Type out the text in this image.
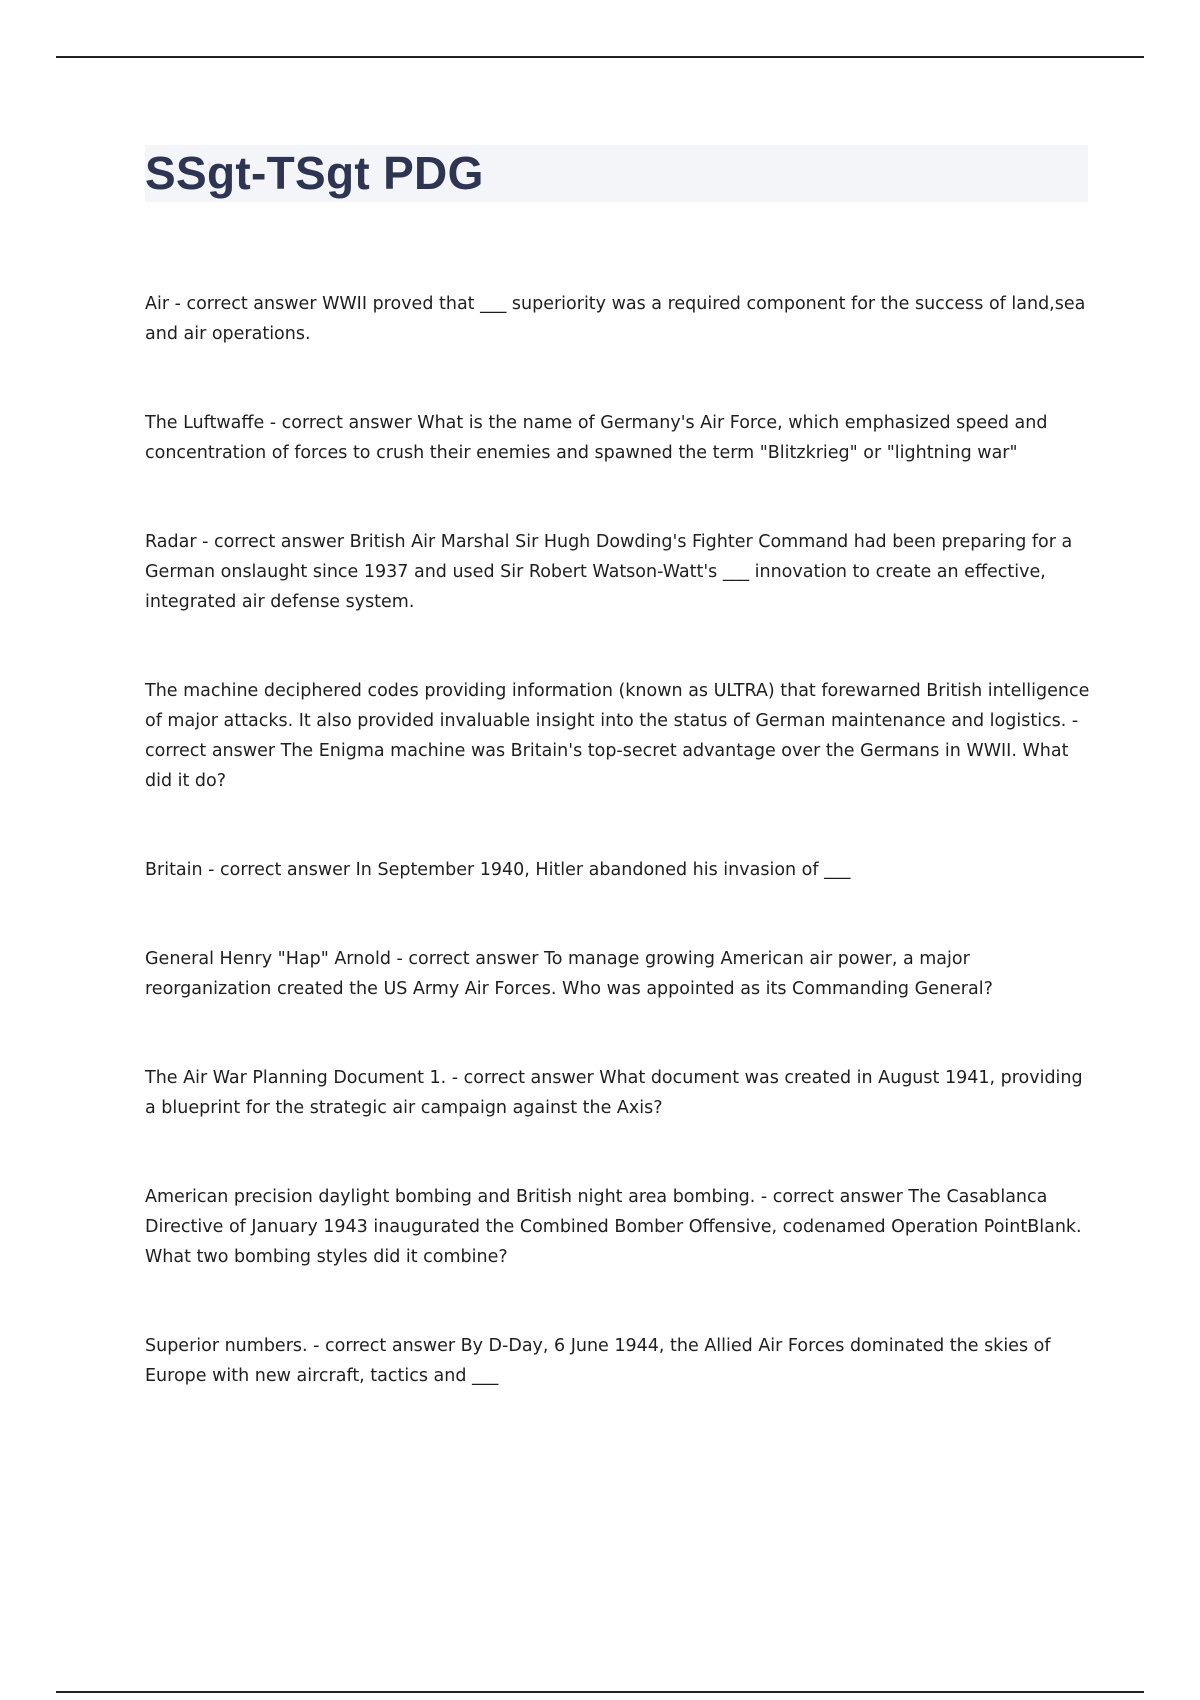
SSgt-TSgt PDG
Air - correct answer WWII proved that ___ superiority was a required component for the success of land,sea and air operations.
The Luftwaffe - correct answer What is the name of Germany's Air Force, which emphasized speed and concentration of forces to crush their enemies and spawned the term "Blitzkrieg" or "lightning war"
Radar - correct answer British Air Marshal Sir Hugh Dowding's Fighter Command had been preparing for a German onslaught since 1937 and used Sir Robert Watson-Watt's ___ innovation to create an effective, integrated air defense system.
The machine deciphered codes providing information (known as ULTRA) that forewarned British intelligence of major attacks. It also provided invaluable insight into the status of German maintenance and logistics. - correct answer The Enigma machine was Britain's top-secret advantage over the Germans in WWII. What did it do?
Britain - correct answer In September 1940, Hitler abandoned his invasion of ___
General Henry "Hap" Arnold - correct answer To manage growing American air power, a major reorganization created the US Army Air Forces. Who was appointed as its Commanding General?
The Air War Planning Document 1. - correct answer What document was created in August 1941, providing a blueprint for the strategic air campaign against the Axis?
American precision daylight bombing and British night area bombing. - correct answer The Casablanca Directive of January 1943 inaugurated the Combined Bomber Offensive, codenamed Operation PointBlank. What two bombing styles did it combine?
Superior numbers. - correct answer By D-Day, 6 June 1944, the Allied Air Forces dominated the skies of Europe with new aircraft, tactics and ___
